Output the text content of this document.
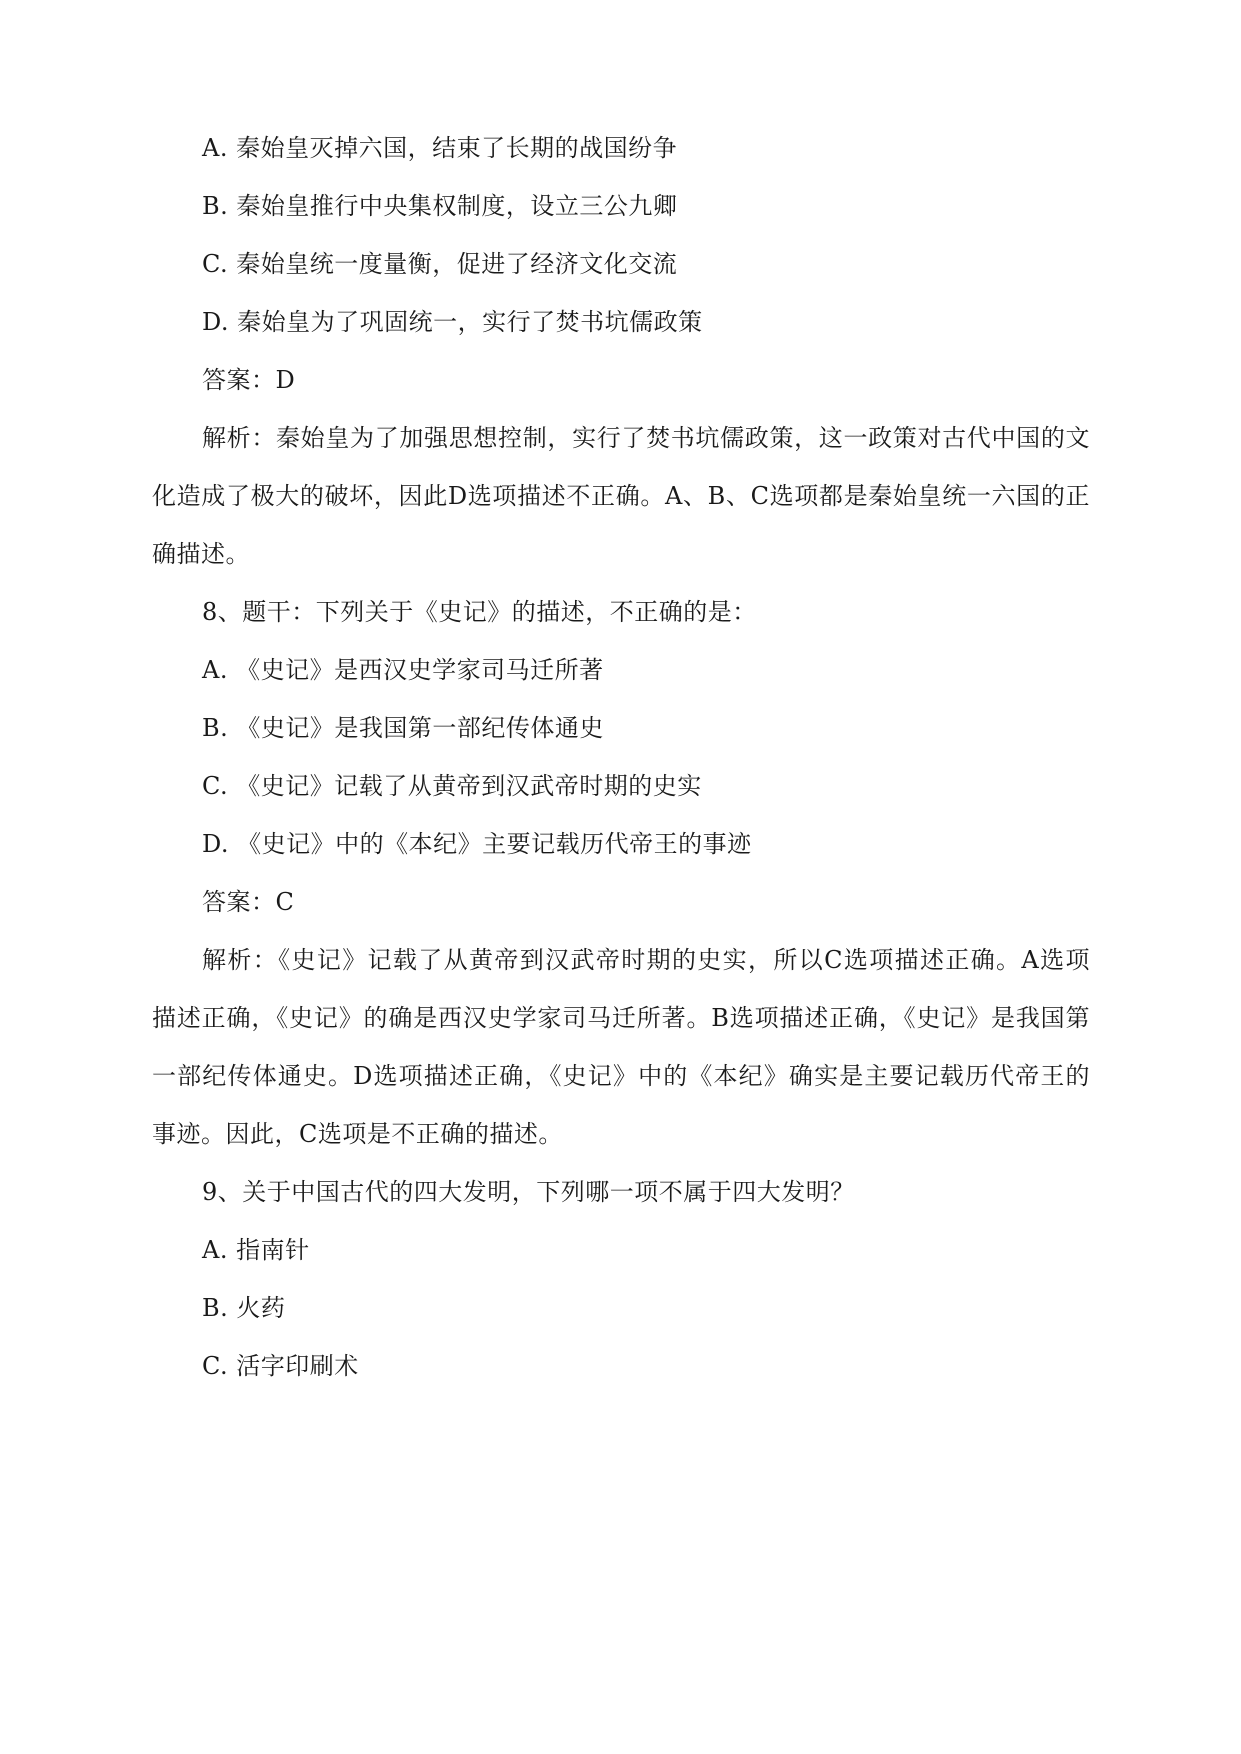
A. 秦始皇灭掉六国，结束了长期的战国纷争
B. 秦始皇推行中央集权制度，设立三公九卿
C. 秦始皇统一度量衡，促进了经济文化交流
D. 秦始皇为了巩固统一，实行了焚书坑儒政策
答案：D
解析：秦始皇为了加强思想控制，实行了焚书坑儒政策，这一政策对古代中国的文
化造成了极大的破坏，因此D选项描述不正确。A、B、C选项都是秦始皇统一六国的正
确描述。
8、题干：下列关于《史记》的描述，不正确的是：
A. 《史记》是西汉史学家司马迁所著
B. 《史记》是我国第一部纪传体通史
C. 《史记》记载了从黄帝到汉武帝时期的史实
D. 《史记》中的《本纪》主要记载历代帝王的事迹
答案：C
解析：《史记》记载了从黄帝到汉武帝时期的史实，所以C选项描述正确。A选项
描述正确，《史记》的确是西汉史学家司马迁所著。B选项描述正确，《史记》是我国第
一部纪传体通史。D选项描述正确，《史记》中的《本纪》确实是主要记载历代帝王的
事迹。因此，C选项是不正确的描述。
9、关于中国古代的四大发明，下列哪一项不属于四大发明？
A. 指南针
B. 火药
C. 活字印刷术
